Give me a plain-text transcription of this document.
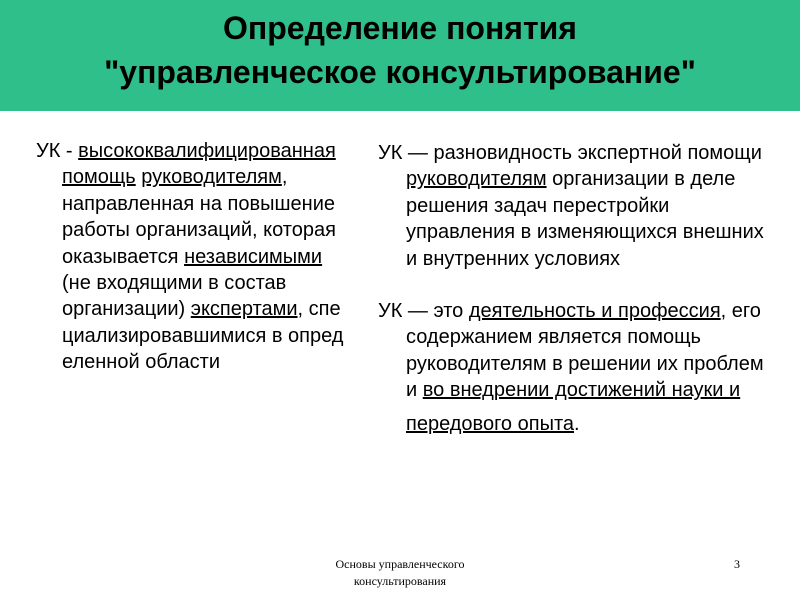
Определение понятия
"управленческое консультирование"
УК - высококвалифицированная помощь руководителям, направленная на повышение работы организаций, которая оказывается независимыми (не входящими в состав организации) экспертами, специализировавшимися в определенной области
УК — разновидность экспертной помощи руководителям организации в деле решения задач перестройки управления в изменяющихся внешних и внутренних условиях
УК — это деятельность и профессия, его содержанием является помощь руководителям в решении их проблем и во внедрении достижений науки и передового опыта.
Основы управленческого
консультирования
3
